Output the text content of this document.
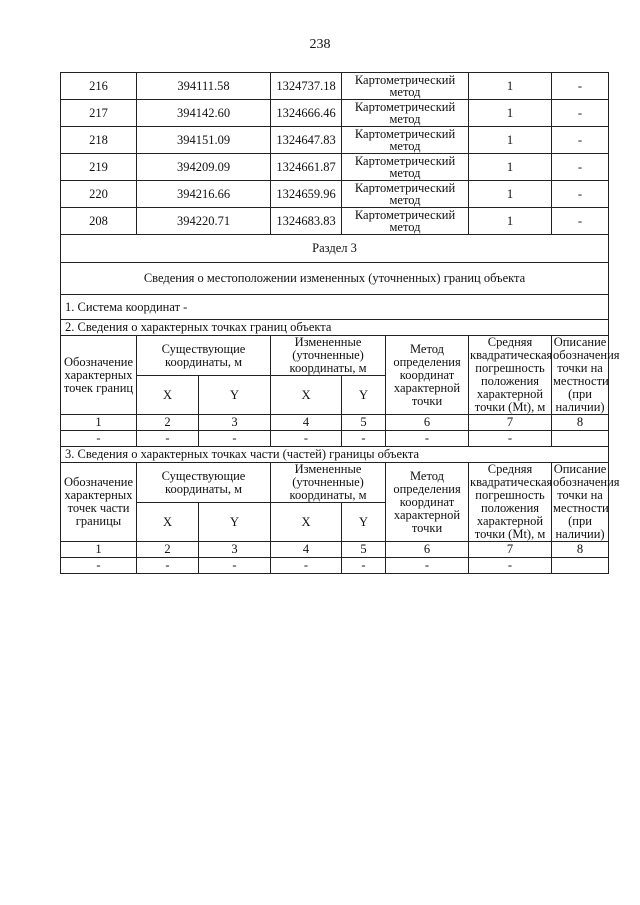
238
216	394111.58		1324737.18	Картометрический метод		1	-
217	394142.60		1324666.46	Картометрический метод		1	-
218	394151.09		1324647.83	Картометрический метод		1	-
219	394209.09		1324661.87	Картометрический метод		1	-
220	394216.66		1324659.96	Картометрический метод		1	-
208	394220.71		1324683.83	Картометрический метод		1	-
Раздел 3							
Сведения о местоположении измененных (уточненных) границ объекта							
1. Система координат -							
2. Сведения о характерных точках границ объекта							
Обозначение характерных точек границ	Существующие координаты, м		Измененные (уточненные) координаты, м		Метод определения координат характерной точки	Средняя квадратическая погрешность положения характерной точки (Mt), м	Описание обозначения точки на местности (при наличии)
	X	Y	X	Y			
1	2	3	4	5	6	7	8
-	-	-	-	-	-	-	
3. Сведения о характерных точках части (частей) границы объекта							
Обозначение характерных точек части границы	Существующие координаты, м		Измененные (уточненные) координаты, м		Метод определения координат характерной точки	Средняя квадратическая погрешность положения характерной точки (Mt), м	Описание обозначения точки на местности (при наличии)
	X	Y	X	Y			
1	2	3	4	5	6	7	8
-	-	-	-	-	-	-	
